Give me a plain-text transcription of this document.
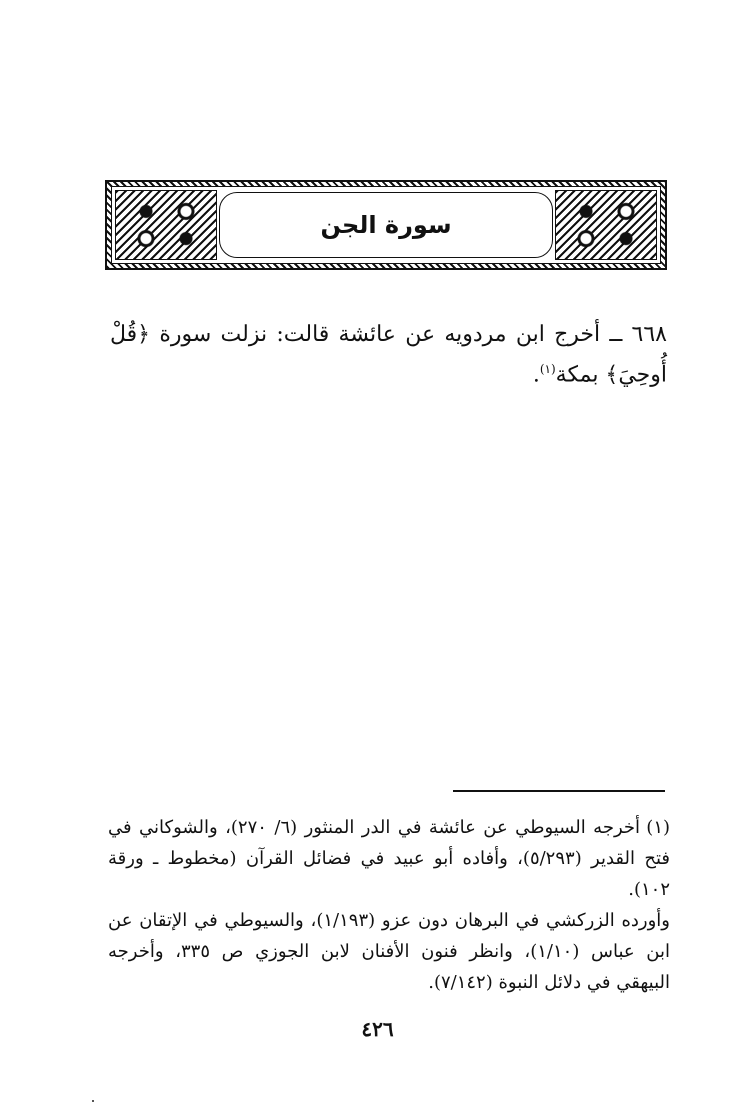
سورة الجن
٦٦٨ ــ أخرج ابن مردويه عن عائشة قالت: نزلت سورة ﴿قُلْ أُوحِيَ﴾ بمكة$^{(١)}$.

(١)أخرجه السيوطي عن عائشة في الدر المنثور (٦/ ٢٧٠)، والشوكاني في فتح القدير (٥/٢٩٣)، وأفاده أبو عبيد في فضائل القرآن (مخطوط ـ ورقة ١٠٢).

وأورده الزركشي في البرهان دون عزو (١/١٩٣)، والسيوطي في الإتقان عن ابن عباس (١/١٠)، وانظر فنون الأفنان لابن الجوزي ص ٣٣٥، وأخرجه البيهقي في دلائل النبوة (٧/١٤٢).

٤٢٦
